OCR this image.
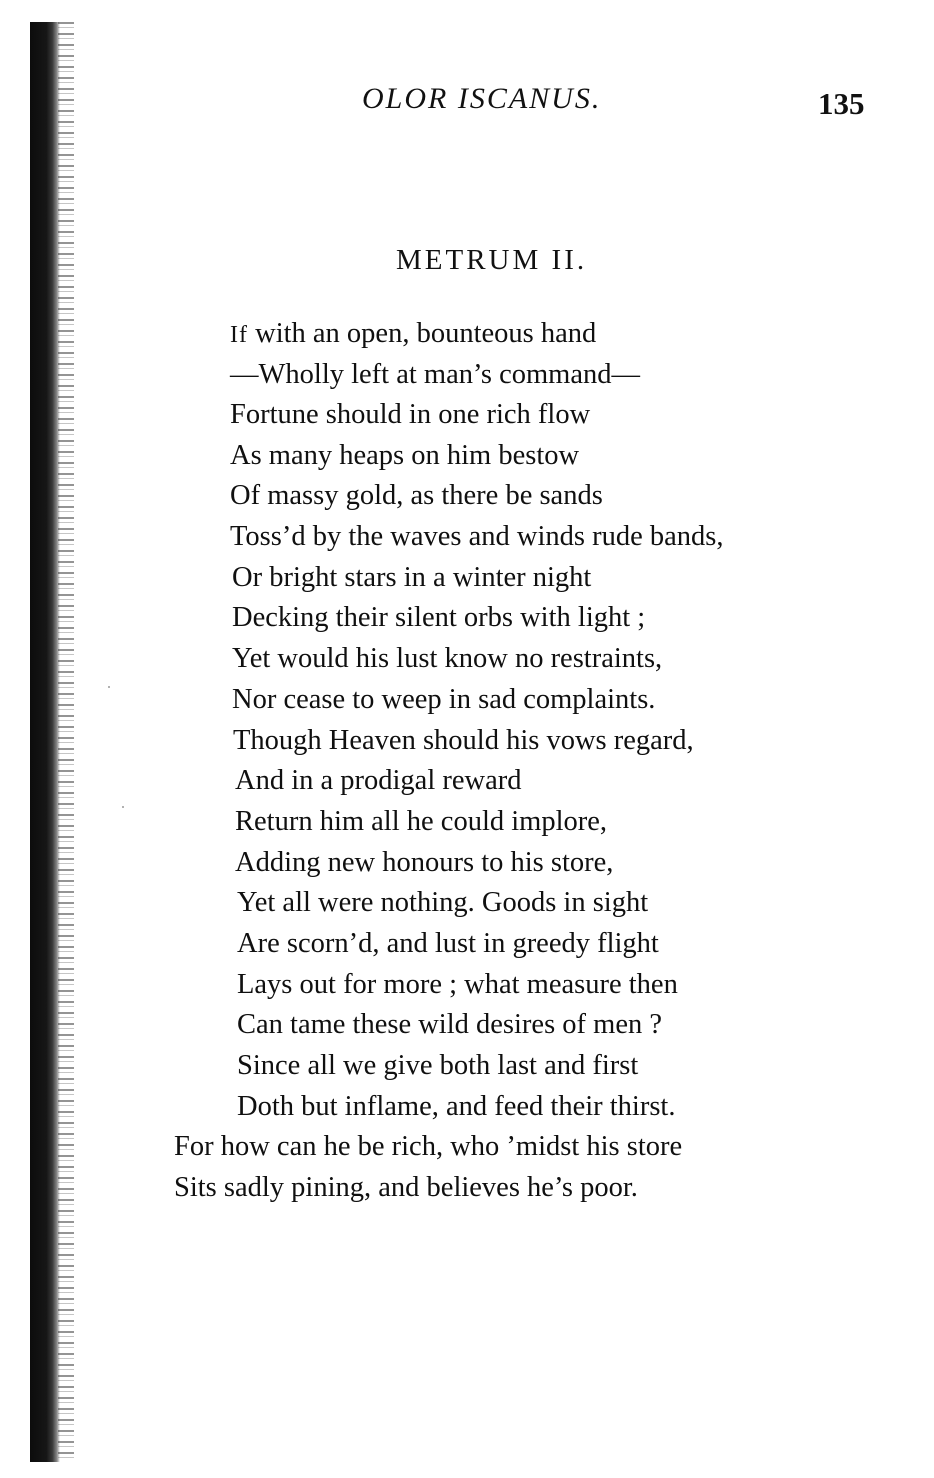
OLOR ISCANUS.	135
METRUM II.
If with an open, bounteous hand
—Wholly left at man’s command—
Fortune should in one rich flow
As many heaps on him bestow
Of massy gold, as there be sands
Toss’d by the waves and winds rude bands,
Or bright stars in a winter night
Decking their silent orbs with light ;
Yet would his lust know no restraints,
Nor cease to weep in sad complaints.
Though Heaven should his vows regard,
And in a prodigal reward
Return him all he could implore,
Adding new honours to his store,
Yet all were nothing. Goods in sight
Are scorn’d, and lust in greedy flight
Lays out for more ; what measure then
Can tame these wild desires of men ?
Since all we give both last and first
Doth but inflame, and feed their thirst.
For how can he be rich, who ’midst his store
Sits sadly pining, and believes he’s poor.
